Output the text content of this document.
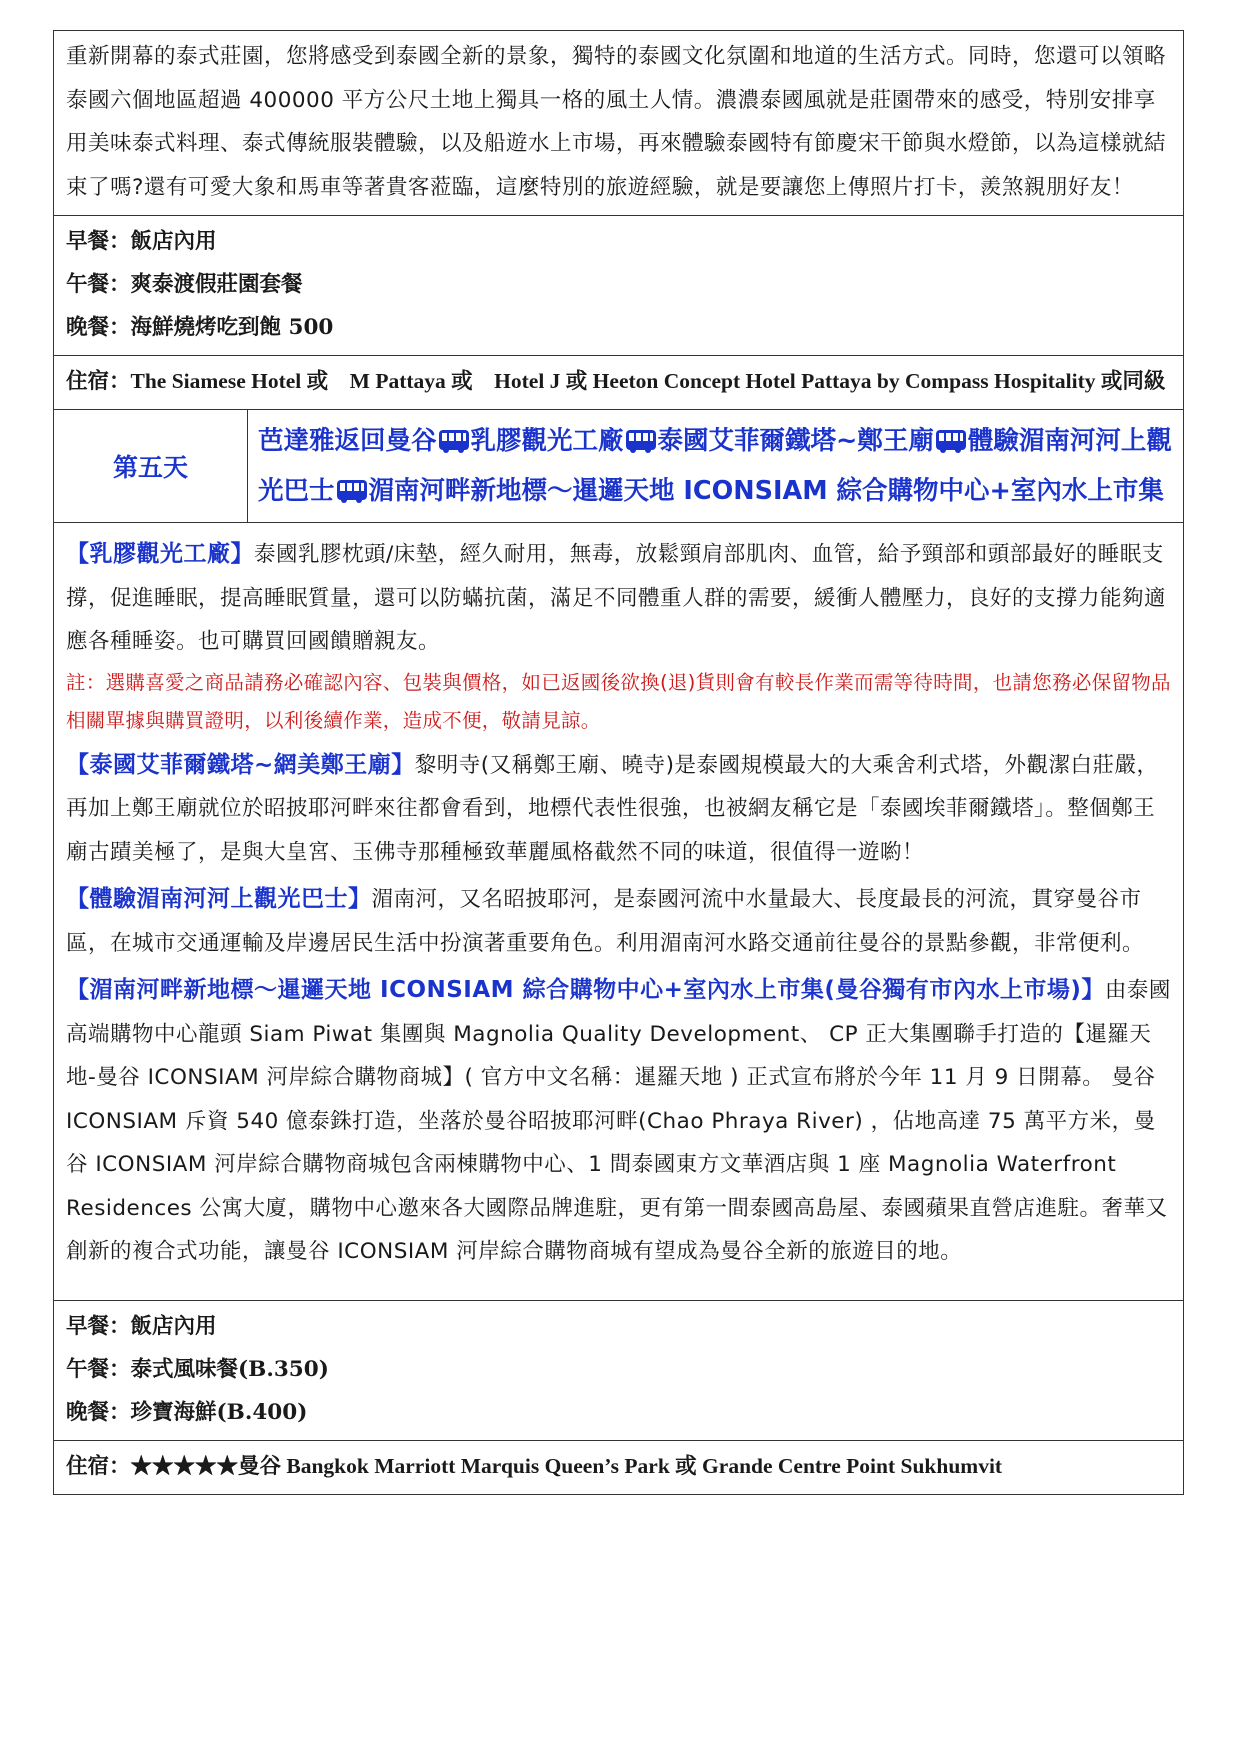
重新開幕的泰式莊園，您將感受到泰國全新的景象，獨特的泰國文化氛圍和地道的生活方式。同時，您還可以領略泰國六個地區超過 400000 平方公尺土地上獨具一格的風土人情。濃濃泰國風就是莊園帶來的感受，特別安排享用美味泰式料理、泰式傳統服裝體驗，以及船遊水上市場，再來體驗泰國特有節慶宋干節與水燈節，以為這樣就結束了嗎?還有可愛大象和馬車等著貴客蒞臨，這麼特別的旅遊經驗，就是要讓您上傳照片打卡，羨煞親朋好友！

早餐：飯店內用

午餐：爽泰渡假莊園套餐

晚餐：海鮮燒烤吃到飽 500

住宿：The Siamese Hotel 或　M Pattaya 或　Hotel J 或 Heeton Concept Hotel Pattaya by Compass Hospitality 或同級

第五天
芭達雅返回曼谷 乳膠觀光工廠 泰國艾菲爾鐵塔~鄭王廟 體驗湄南河河上觀光巴士 湄南河畔新地標～暹邏天地 ICONSIAM 綜合購物中心+室內水上市集

【乳膠觀光工廠】泰國乳膠枕頭/床墊，經久耐用，無毒，放鬆頸肩部肌肉、血管，給予頸部和頭部最好的睡眠支撐，促進睡眠，提高睡眠質量，還可以防蟎抗菌，滿足不同體重人群的需要，緩衝人體壓力，良好的支撐力能夠適應各種睡姿。也可購買回國饋贈親友。

註：選購喜愛之商品請務必確認內容、包裝與價格，如已返國後欲換(退)貨則會有較長作業而需等待時間，也請您務必保留物品相關單據與購買證明，以利後續作業，造成不便，敬請見諒。

【泰國艾菲爾鐵塔~網美鄭王廟】黎明寺(又稱鄭王廟、曉寺)是泰國規模最大的大乘舍利式塔，外觀潔白莊嚴，再加上鄭王廟就位於昭披耶河畔來往都會看到，地標代表性很強，也被網友稱它是「泰國埃菲爾鐵塔」。整個鄭王廟古蹟美極了，是與大皇宮、玉佛寺那種極致華麗風格截然不同的味道，很值得一遊喲！

【體驗湄南河河上觀光巴士】湄南河，又名昭披耶河，是泰國河流中水量最大、長度最長的河流，貫穿曼谷市區，在城市交通運輸及岸邊居民生活中扮演著重要角色。利用湄南河水路交通前往曼谷的景點參觀，非常便利。

【湄南河畔新地標～暹邏天地 ICONSIAM 綜合購物中心+室內水上市集(曼谷獨有市內水上市場)】由泰國高端購物中心龍頭 Siam Piwat 集團與 Magnolia Quality Development、 CP 正大集團聯手打造的【暹羅天地-曼谷 ICONSIAM 河岸綜合購物商城】( 官方中文名稱：暹羅天地 ) 正式宣布將於今年 11 月 9 日開幕。 曼谷 ICONSIAM 斥資 540 億泰銖打造，坐落於曼谷昭披耶河畔(Chao Phraya River) ，佔地高達 75 萬平方米，曼谷 ICONSIAM 河岸綜合購物商城包含兩棟購物中心、1 間泰國東方文華酒店與 1 座 Magnolia Waterfront Residences 公寓大廈，購物中心邀來各大國際品牌進駐，更有第一間泰國高島屋、泰國蘋果直營店進駐。奢華又創新的複合式功能，讓曼谷 ICONSIAM 河岸綜合購物商城有望成為曼谷全新的旅遊目的地。

早餐：飯店內用

午餐：泰式風味餐(B.350)

晚餐：珍寶海鮮(B.400)

住宿：★★★★★曼谷 Bangkok Marriott Marquis Queen’s Park 或 Grande Centre Point Sukhumvit
